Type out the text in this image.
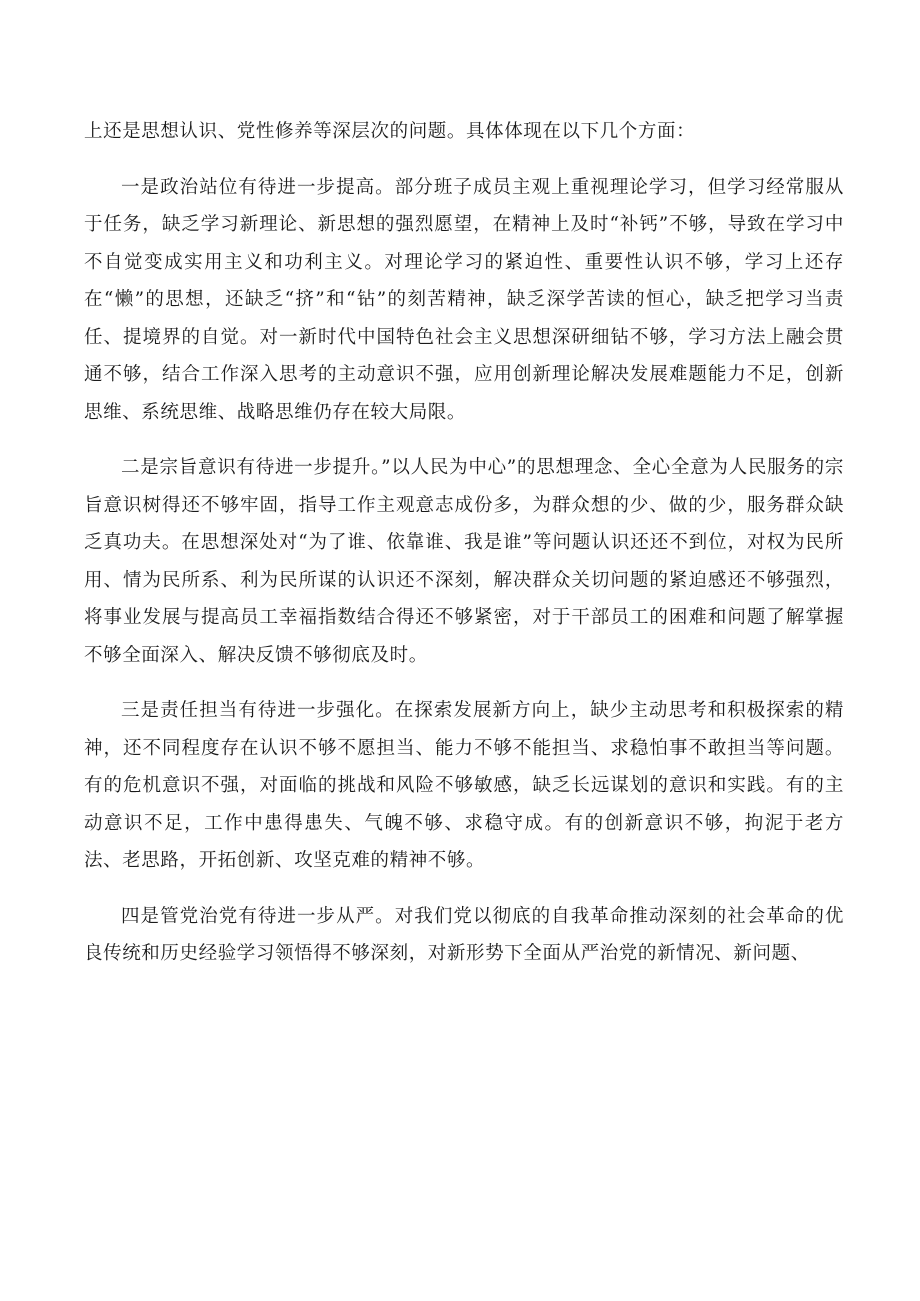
上还是思想认识、党性修养等深层次的问题。具体体现在以下几个方面：

一是政治站位有待进一步提高。部分班子成员主观上重视理论学习，但学习经常服从于任务，缺乏学习新理论、新思想的强烈愿望，在精神上及时“补钙”不够，导致在学习中不自觉变成实用主义和功利主义。对理论学习的紧迫性、重要性认识不够，学习上还存在“懒”的思想，还缺乏“挤”和“钻”的刻苦精神，缺乏深学苦读的恒心，缺乏把学习当责任、提境界的自觉。对一新时代中国特色社会主义思想深研细钻不够，学习方法上融会贯通不够，结合工作深入思考的主动意识不强，应用创新理论解决发展难题能力不足，创新思维、系统思维、战略思维仍存在较大局限。

二是宗旨意识有待进一步提升。”以人民为中心”的思想理念、全心全意为人民服务的宗旨意识树得还不够牢固，指导工作主观意志成份多，为群众想的少、做的少，服务群众缺乏真功夫。在思想深处对“为了谁、依靠谁、我是谁”等问题认识还还不到位，对权为民所用、情为民所系、利为民所谋的认识还不深刻，解决群众关切问题的紧迫感还不够强烈，将事业发展与提高员工幸福指数结合得还不够紧密，对于干部员工的困难和问题了解掌握不够全面深入、解决反馈不够彻底及时。

三是责任担当有待进一步强化。在探索发展新方向上，缺少主动思考和积极探索的精神，还不同程度存在认识不够不愿担当、能力不够不能担当、求稳怕事不敢担当等问题。有的危机意识不强，对面临的挑战和风险不够敏感，缺乏长远谋划的意识和实践。有的主动意识不足，工作中患得患失、气魄不够、求稳守成。有的创新意识不够，拘泥于老方法、老思路，开拓创新、攻坚克难的精神不够。

四是管党治党有待进一步从严。对我们党以彻底的自我革命推动深刻的社会革命的优良传统和历史经验学习领悟得不够深刻，对新形势下全面从严治党的新情况、新问题、
